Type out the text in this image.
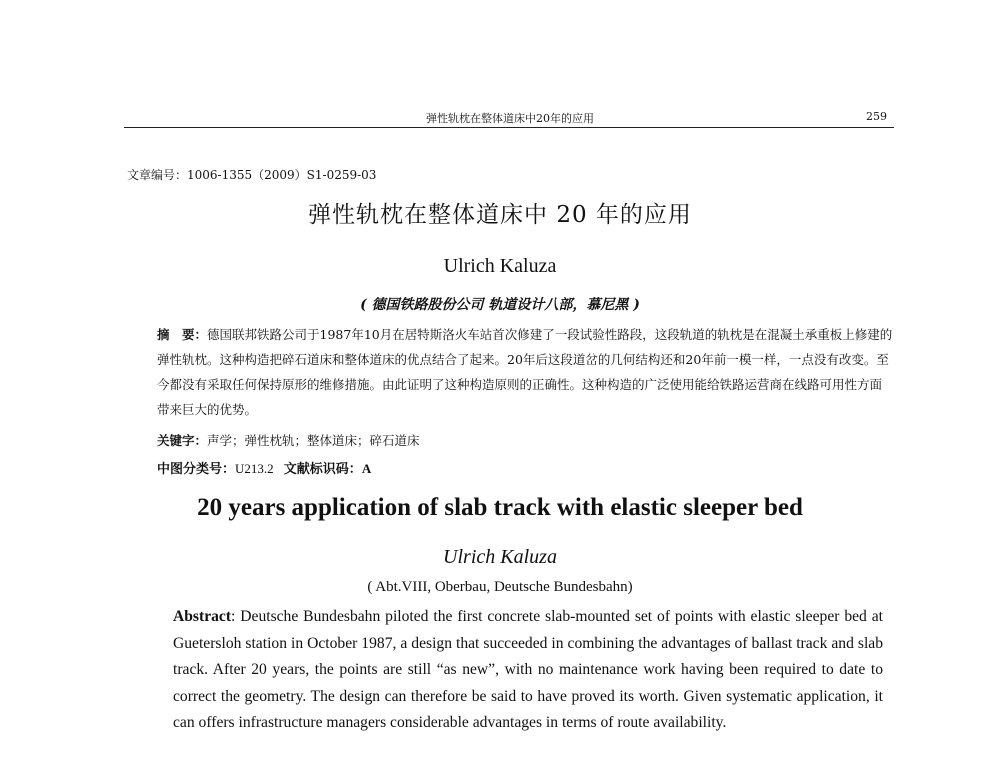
弹性轨枕在整体道床中20年的应用	259
文章编号：1006-1355（2009）S1-0259-03
弹性轨枕在整体道床中 20 年的应用
Ulrich Kaluza
( 德国铁路股份公司 轨道设计八部，慕尼黑 )
摘　要：德国联邦铁路公司于1987年10月在居特斯洛火车站首次修建了一段试验性路段，这段轨道的轨枕是在混凝土承重板上修建的弹性轨枕。这种构造把碎石道床和整体道床的优点结合了起来。20年后这段道岔的几何结构还和20年前一模一样，一点没有改变。至今都没有采取任何保持原形的维修措施。由此证明了这种构造原则的正确性。这种构造的广泛使用能给铁路运营商在线路可用性方面带来巨大的优势。
关键字：声学；弹性枕轨；整体道床；碎石道床
中图分类号：U213.2 文献标识码：A
20 years application of slab track with elastic sleeper bed
Ulrich Kaluza
( Abt.VIII, Oberbau, Deutsche Bundesbahn)
Abstract: Deutsche Bundesbahn piloted the first concrete slab-mounted set of points with elastic sleeper bed at Guetersloh station in October 1987, a design that succeeded in combining the advantages of ballast track and slab track. After 20 years, the points are still “as new”, with no maintenance work having been required to date to correct the geometry. The design can therefore be said to have proved its worth. Given systematic application, it can offers infrastructure managers considerable advantages in terms of route availability.
